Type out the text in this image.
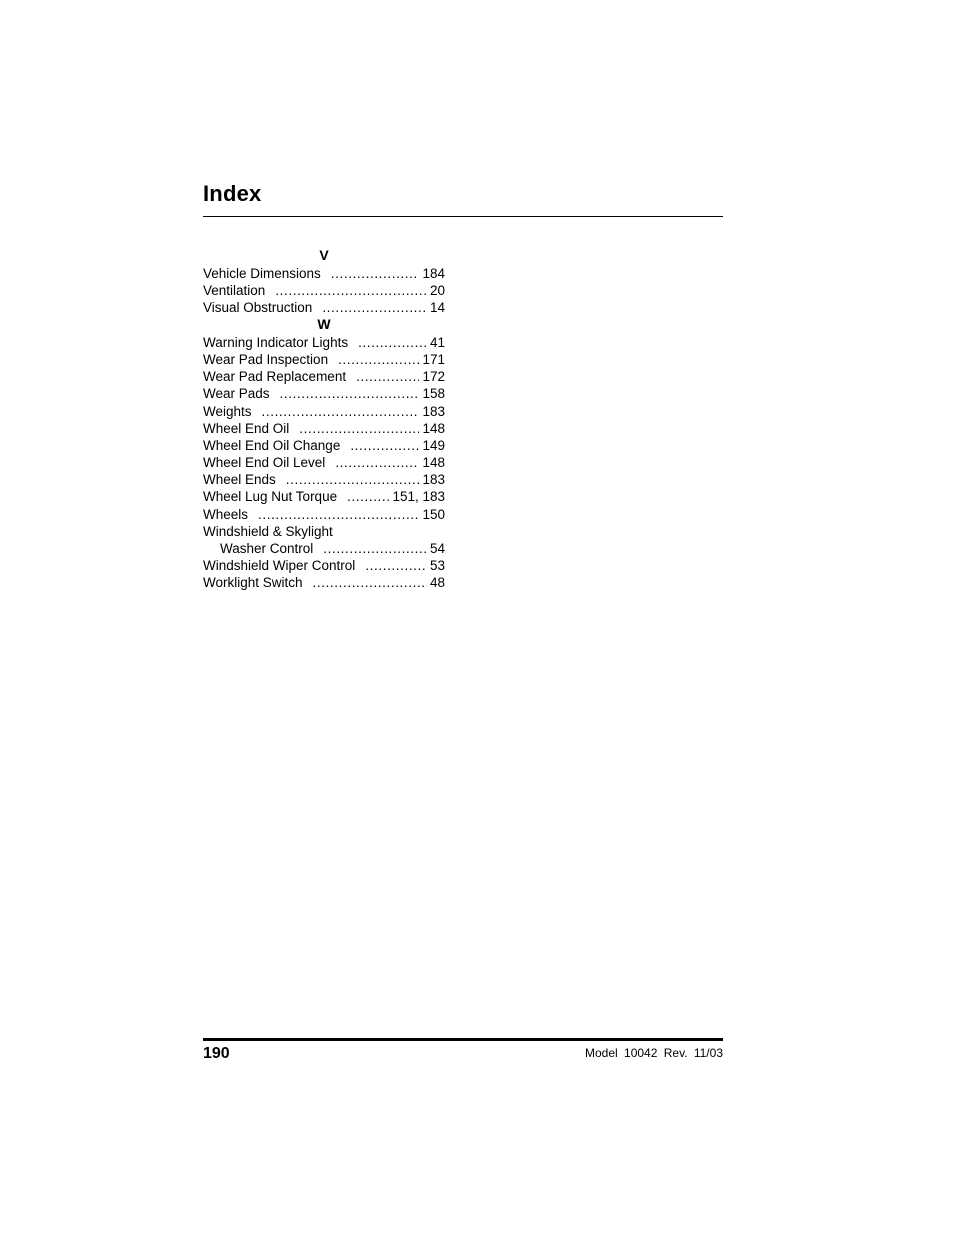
Index
V
Vehicle Dimensions .....	184
Ventilation .....	20
Visual Obstruction .....	14
W
Warning Indicator Lights .....	41
Wear Pad Inspection .....	171
Wear Pad Replacement .....	172
Wear Pads .....	158
Weights .....	183
Wheel End Oil .....	148
Wheel End Oil Change .....	149
Wheel End Oil Level .....	148
Wheel Ends .....	183
Wheel Lug Nut Torque .....	151, 183
Wheels .....	150
Windshield & Skylight
Washer Control .....	54
Windshield Wiper Control .....	53
Worklight Switch .....	48
190	Model 10042 Rev. 11/03
